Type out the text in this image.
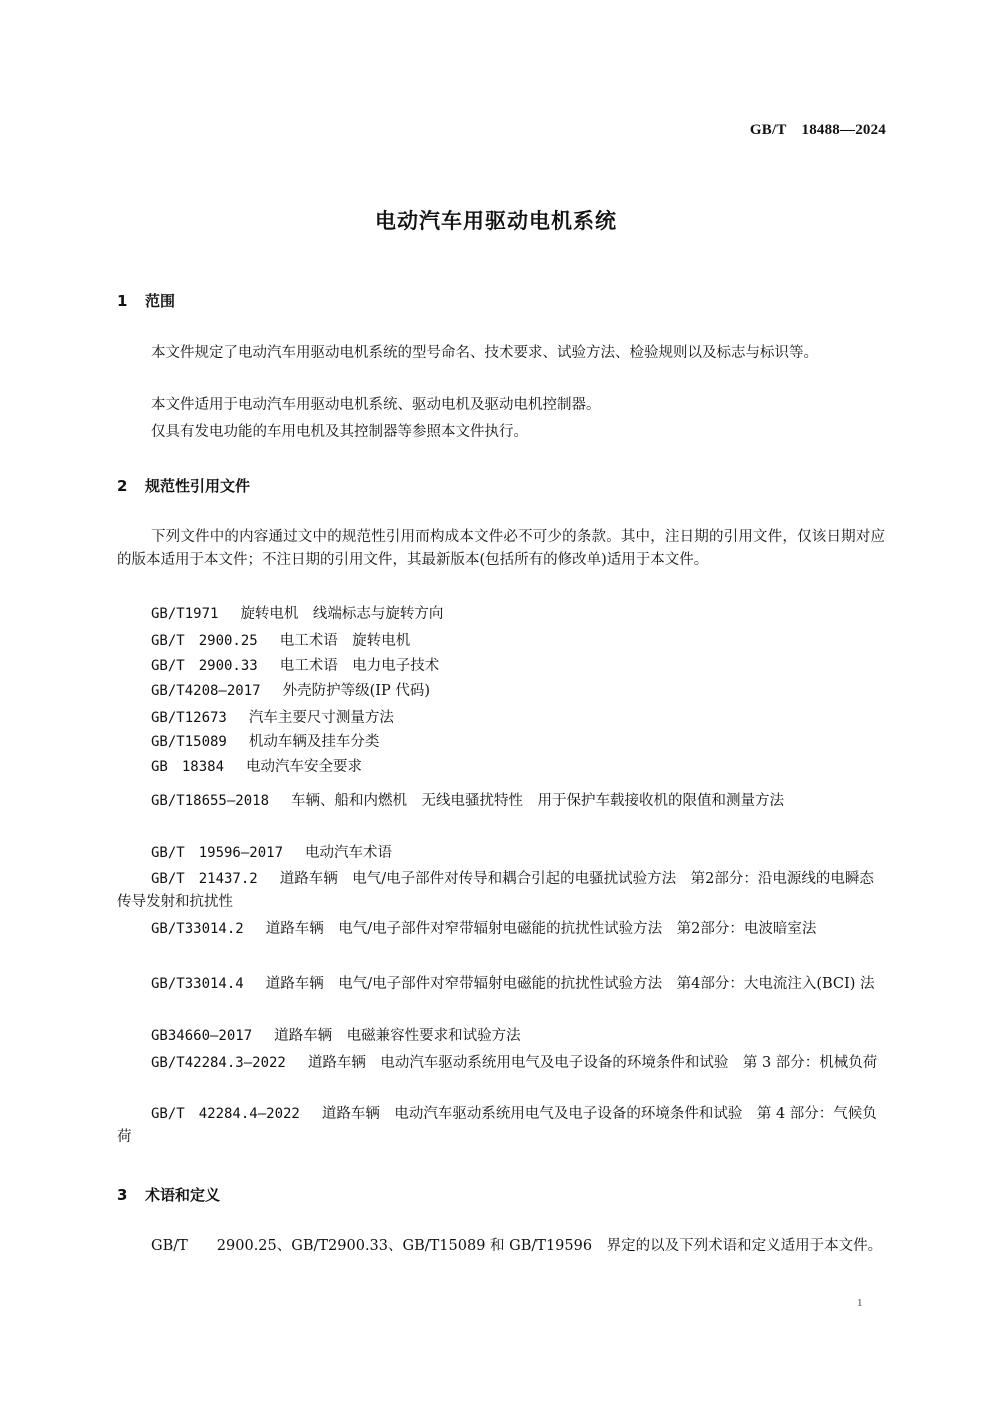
GB/T　18488—2024
电动汽车用驱动电机系统
1 范围

本文件规定了电动汽车用驱动电机系统的型号命名、技术要求、试验方法、检验规则以及标志与标识等。

本文件适用于电动汽车用驱动电机系统、驱动电机及驱动电机控制器。

仅具有发电功能的车用电机及其控制器等参照本文件执行。

2 规范性引用文件

下列文件中的内容通过文中的规范性引用而构成本文件必不可少的条款。其中，注日期的引用文件，仅该日期对应的版本适用于本文件；不注日期的引用文件，其最新版本(包括所有的修改单)适用于本文件。

GB/T1971 旋转电机　线端标志与旋转方向

GB/T　2900.25 电工术语　旋转电机

GB/T　2900.33 电工术语　电力电子技术

GB/T4208—2017 外壳防护等级(IP 代码)

GB/T12673 汽车主要尺寸测量方法

GB/T15089 机动车辆及挂车分类

GB　18384 电动汽车安全要求

GB/T18655—2018 车辆、船和内燃机　无线电骚扰特性　用于保护车载接收机的限值和测量方法

GB/T　19596—2017 电动汽车术语

GB/T　21437.2 道路车辆　电气/电子部件对传导和耦合引起的电骚扰试验方法　第2部分：沿电源线的电瞬态传导发射和抗扰性

GB/T33014.2 道路车辆　电气/电子部件对窄带辐射电磁能的抗扰性试验方法　第2部分：电波暗室法

GB/T33014.4 道路车辆　电气/电子部件对窄带辐射电磁能的抗扰性试验方法　第4部分：大电流注入(BCI) 法

GB34660—2017 道路车辆　电磁兼容性要求和试验方法

GB/T42284.3—2022 道路车辆　电动汽车驱动系统用电气及电子设备的环境条件和试验　第 3 部分：机械负荷

GB/T　42284.4—2022 道路车辆　电动汽车驱动系统用电气及电子设备的环境条件和试验　第 4 部分：气候负荷

3 术语和定义

GB/T　　2900.25、GB/T2900.33、GB/T15089 和 GB/T19596　界定的以及下列术语和定义适用于本文件。

1
